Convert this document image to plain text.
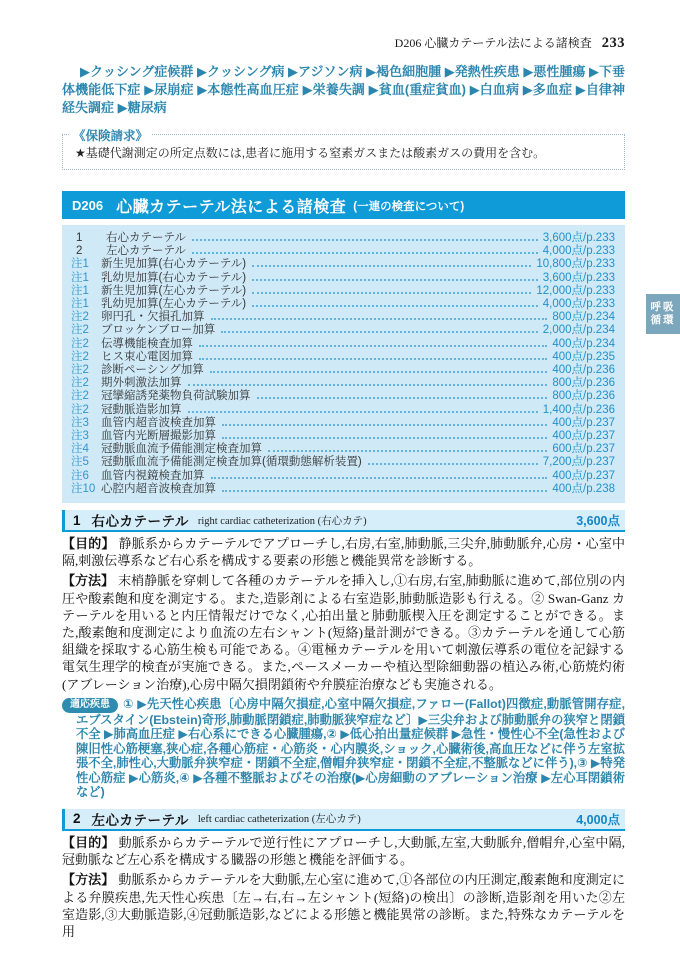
D206 心臓カテーテル法による諸検査 233
▶クッシング症候群 ▶クッシング病 ▶アジソン病 ▶褐色細胞腫 ▶発熱性疾患 ▶悪性腫瘍 ▶下垂体機能低下症 ▶尿崩症 ▶本態性高血圧症 ▶栄養失調 ▶貧血(重症貧血) ▶白血病 ▶多血症 ▶自律神経失調症 ▶糖尿病
《保険請求》
★基礎代謝測定の所定点数には,患者に施用する窒素ガスまたは酸素ガスの費用を含む。
D206 心臓カテーテル法による諸検査 (一連の検査について)
1	右心カテーテル	3,600点/p.233
2	左心カテーテル	4,000点/p.233
注1	新生児加算(右心カテーテル)	10,800点/p.233
注1	乳幼児加算(右心カテーテル)	3,600点/p.233
注1	新生児加算(左心カテーテル)	12,000点/p.233
注1	乳幼児加算(左心カテーテル)	4,000点/p.233
注2	卵円孔・欠損孔加算	800点/p.234
注2	ブロッケンブロー加算	2,000点/p.234
注2	伝導機能検査加算	400点/p.234
注2	ヒス束心電図加算	400点/p.235
注2	診断ペーシング加算	400点/p.236
注2	期外刺激法加算	800点/p.236
注2	冠攣縮誘発薬物負荷試験加算	800点/p.236
注2	冠動脈造影加算	1,400点/p.236
注3	血管内超音波検査加算	400点/p.237
注3	血管内光断層撮影加算	400点/p.237
注4	冠動脈血流予備能測定検査加算	600点/p.237
注5	冠動脈血流予備能測定検査加算(循環動態解析装置)	7,200点/p.237
注6	血管内視鏡検査加算	400点/p.237
注10 心腔内超音波検査加算	400点/p.238
1 右心カテーテル right cardiac catheterization (右心カテ)	3,600点

【目的】 静脈系からカテーテルでアプローチし,右房,右室,肺動脈,三尖弁,肺動脈弁,心房・心室中隔,刺激伝導系など右心系を構成する要素の形態と機能異常を診断する。

【方法】 末梢静脈を穿刺して各種のカテーテルを挿入し,①右房,右室,肺動脈に進めて,部位別の内圧や酸素飽和度を測定する。また,造影剤による右室造影,肺動脈造影も行える。② Swan-Ganz カテーテルを用いると内圧情報だけでなく,心拍出量と肺動脈楔入圧を測定することができる。また,酸素飽和度測定により血流の左右シャント(短絡)量計測ができる。③カテーテルを通して心筋組織を採取する心筋生検も可能である。④電極カテーテルを用いて刺激伝導系の電位を記録する電気生理学的検査が実施できる。また,ペースメーカーや植込型除細動器の植込み術,心筋焼灼術(アブレーション治療),心房中隔欠損閉鎖術や弁膜症治療なども実施される。

適応疾患 ① ▶先天性心疾患〔心房中隔欠損症,心室中隔欠損症,ファロー(Fallot)四徴症,動脈管開存症,エブスタイン(Ebstein)奇形,肺動脈閉鎖症,肺動脈狭窄症など〕▶三尖弁および肺動脈弁の狭窄と閉鎖不全 ▶肺高血圧症 ▶右心系にできる心臓腫瘍,② ▶低心拍出量症候群 ▶急性・慢性心不全(急性および陳旧性心筋梗塞,狭心症,各種心筋症・心筋炎・心内膜炎,ショック,心臓術後,高血圧などに伴う左室拡張不全,肺性心,大動脈弁狭窄症・閉鎖不全症,僧帽弁狭窄症・閉鎖不全症,不整脈などに伴う),③ ▶特発性心筋症 ▶心筋炎,④ ▶各種不整脈およびその治療(▶心房細動のアブレーション治療 ▶左心耳閉鎖術など)
2 左心カテーテル left cardiac catheterization (左心カテ)	4,000点

【目的】 動脈系からカテーテルで逆行性にアプローチし,大動脈,左室,大動脈弁,僧帽弁,心室中隔,冠動脈など左心系を構成する臓器の形態と機能を評価する。

【方法】 動脈系からカテーテルを大動脈,左心室に進めて,①各部位の内圧測定,酸素飽和度測定による弁膜疾患,先天性心疾患〔左→右,右→左シャント(短絡)の検出〕の診断,造影剤を用いた②左室造影,③大動脈造影,④冠動脈造影,などによる形態と機能異常の診断。また,特殊なカテーテルを用

呼吸
循環
